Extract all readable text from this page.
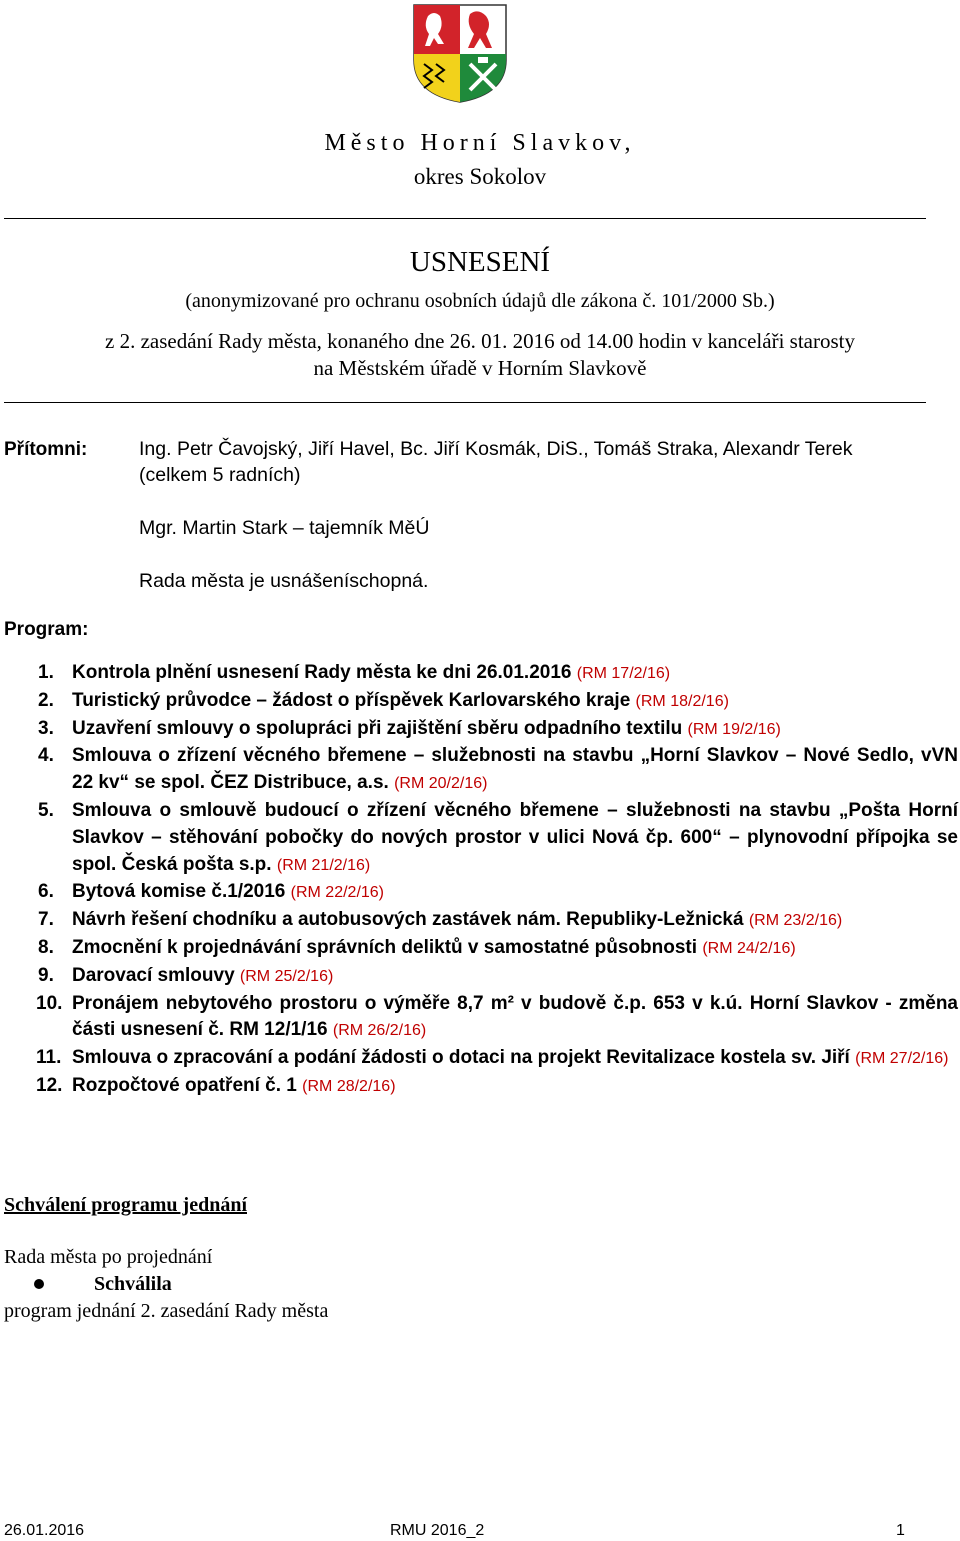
Město Horní Slavkov,
okres Sokolov
USNESENÍ
(anonymizované pro ochranu osobních údajů dle zákona č. 101/2000 Sb.)
z 2. zasedání Rady města, konaného dne 26. 01. 2016 od 14.00 hodin v kanceláři starosty
na Městském úřadě v Horním Slavkově
Přítomni:	Ing. Petr Čavojský, Jiří Havel, Bc. Jiří Kosmák, DiS., Tomáš Straka, Alexandr Terek
(celkem 5 radních)
Mgr. Martin Stark – tajemník MěÚ
Rada města je usnášeníschopná.
Program:
1. Kontrola plnění usnesení Rady města ke dni 26.01.2016 (RM 17/2/16)
2. Turistický průvodce – žádost o příspěvek Karlovarského kraje (RM 18/2/16)
3. Uzavření smlouvy o spolupráci při zajištění sběru odpadního textilu (RM 19/2/16)
4. Smlouva o zřízení věcného břemene – služebnosti na stavbu „Horní Slavkov – Nové Sedlo, vVN 22 kv“ se spol. ČEZ Distribuce, a.s. (RM 20/2/16)
5. Smlouva o smlouvě budoucí o zřízení věcného břemene – služebnosti na stavbu „Pošta Horní Slavkov – stěhování pobočky do nových prostor v ulici Nová čp. 600“ – plynovodní přípojka se spol. Česká pošta s.p. (RM 21/2/16)
6. Bytová komise č.1/2016 (RM 22/2/16)
7. Návrh řešení chodníku a autobusových zastávek nám. Republiky-Ležnická (RM 23/2/16)
8. Zmocnění k projednávání správních deliktů v samostatné působnosti (RM 24/2/16)
9. Darovací smlouvy (RM 25/2/16)
10. Pronájem nebytového prostoru o výměře 8,7 m² v budově č.p. 653 v k.ú. Horní Slavkov - změna části usnesení č. RM 12/1/16 (RM 26/2/16)
11. Smlouva o zpracování a podání žádosti o dotaci na projekt Revitalizace kostela sv. Jiří (RM 27/2/16)
12. Rozpočtové opatření č. 1 (RM 28/2/16)
Schválení programu jednání
Rada města po projednání
Schválila
program jednání 2. zasedání Rady města
26.01.2016	RMU 2016_2	1
